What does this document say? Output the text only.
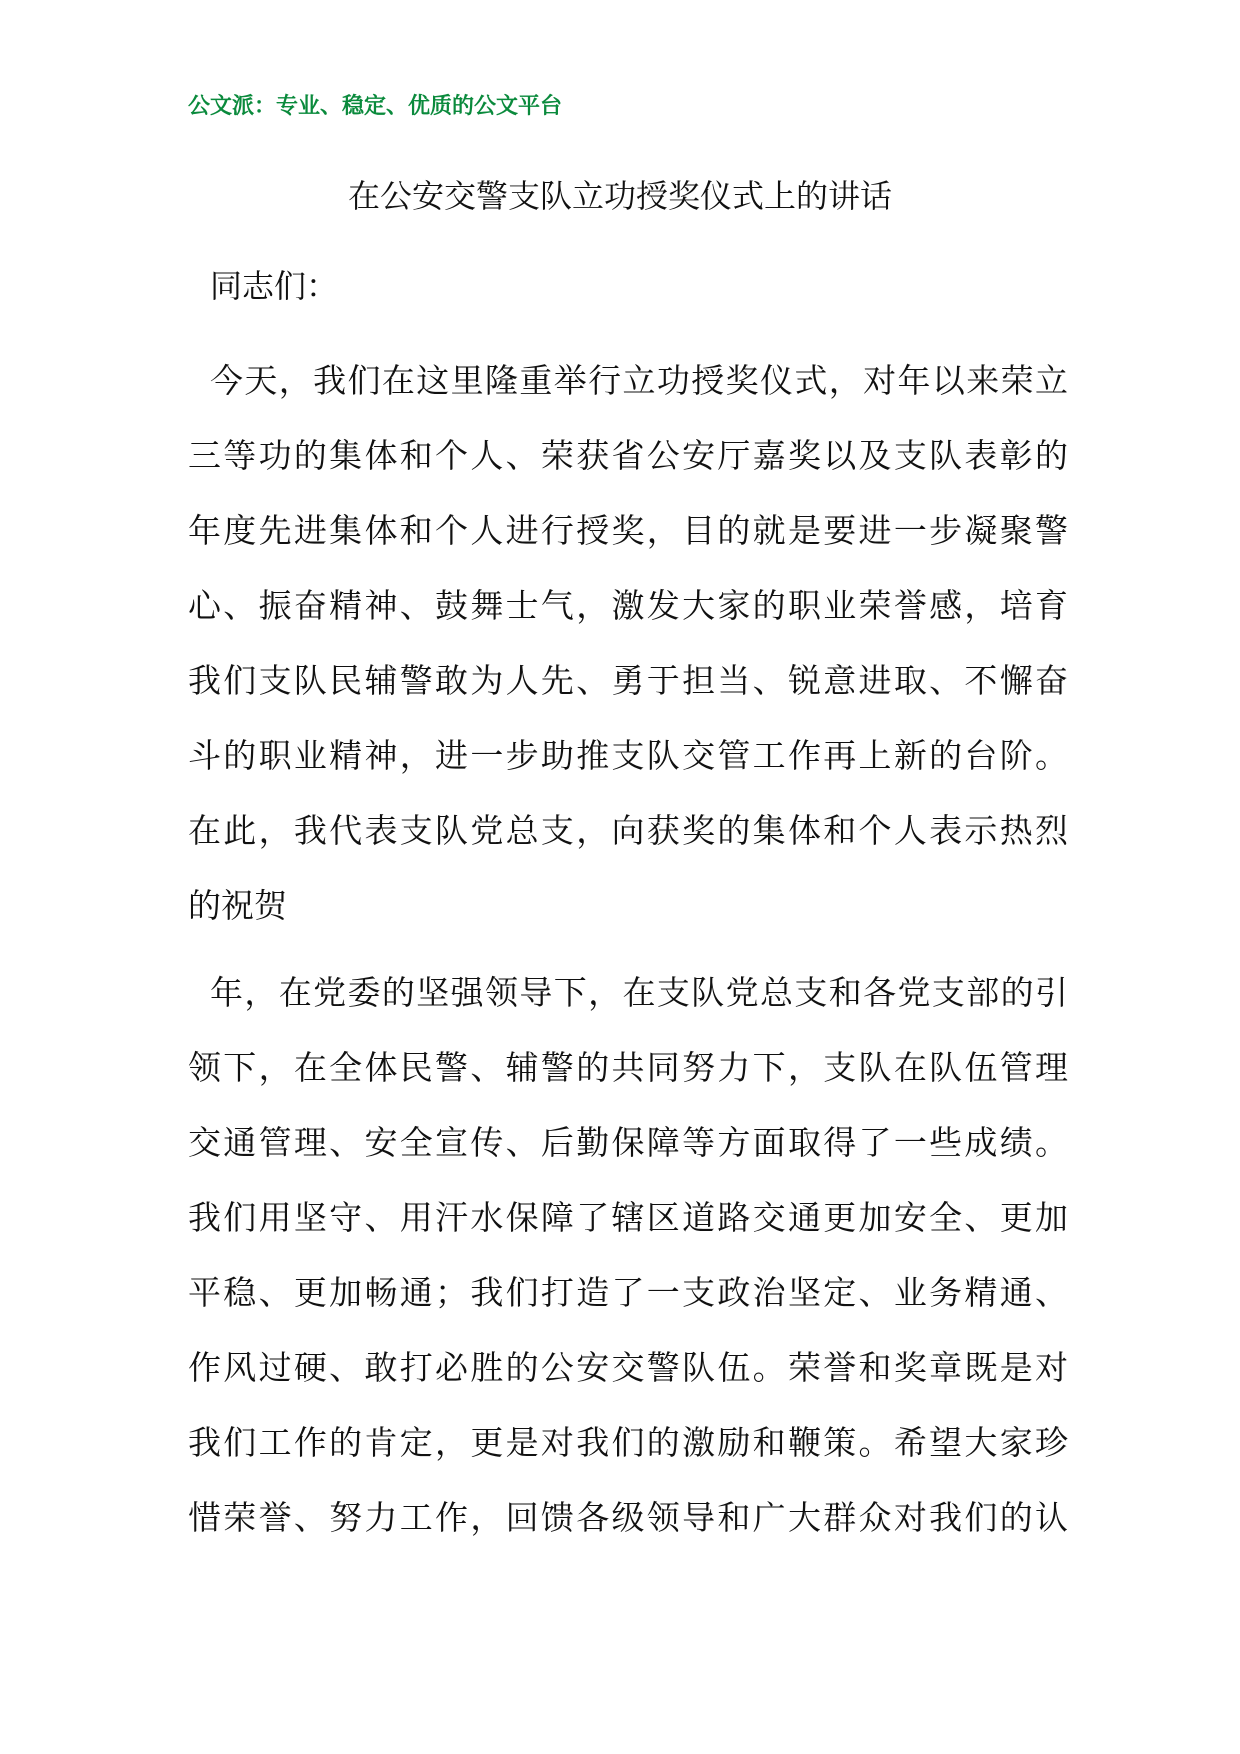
公文派：专业、稳定、优质的公文平台
在公安交警支队立功授奖仪式上的讲话
同志们：
今天，我们在这里隆重举行立功授奖仪式，对年以来荣立
三等功的集体和个人、荣获省公安厅嘉奖以及支队表彰的
年度先进集体和个人进行授奖，目的就是要进一步凝聚警
心、振奋精神、鼓舞士气，激发大家的职业荣誉感，培育
我们支队民辅警敢为人先、勇于担当、锐意进取、不懈奋
斗的职业精神，进一步助推支队交管工作再上新的台阶。
在此，我代表支队党总支，向获奖的集体和个人表示热烈
的祝贺
年，在党委的坚强领导下，在支队党总支和各党支部的引
领下，在全体民警、辅警的共同努力下，支队在队伍管理
交通管理、安全宣传、后勤保障等方面取得了一些成绩。
我们用坚守、用汗水保障了辖区道路交通更加安全、更加
平稳、更加畅通；我们打造了一支政治坚定、业务精通、
作风过硬、敢打必胜的公安交警队伍。荣誉和奖章既是对
我们工作的肯定，更是对我们的激励和鞭策。希望大家珍
惜荣誉、努力工作，回馈各级领导和广大群众对我们的认
